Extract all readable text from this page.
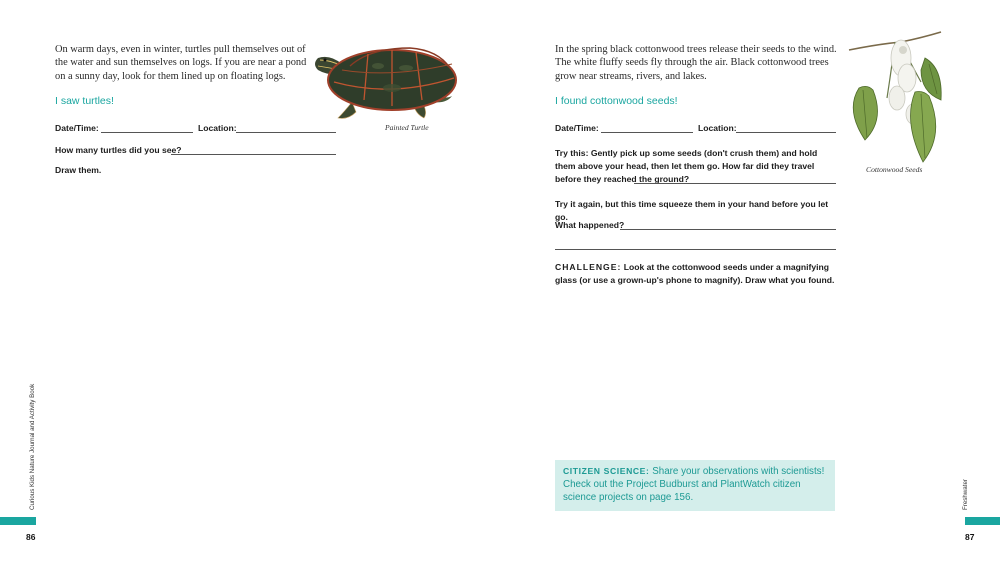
On warm days, even in winter, turtles pull themselves out of the water and sun themselves on logs. If you are near a pond on a sunny day, look for them lined up on floating logs.
Painted Turtle
I saw turtles!
Date/Time:	Location:
How many turtles did you see?
Draw them.
Curious Kids Nature Journal and Activity Book
86
In the spring black cottonwood trees release their seeds to the wind. The white fluffy seeds fly through the air. Black cottonwood trees grow near streams, rivers, and lakes.
Cottonwood Seeds
I found cottonwood seeds!
Date/Time:	Location:
Try this: Gently pick up some seeds (don't crush them) and hold them above your head, then let them go. How far did they travel before they reached the ground?
Try it again, but this time squeeze them in your hand before you let go.
What happened?
CHALLENGE: Look at the cottonwood seeds under a magnifying glass (or use a grown-up's phone to magnify). Draw what you found.
CITIZEN SCIENCE: Share your observations with scientists! Check out the Project Budburst and PlantWatch citizen science projects on page 156.	Freshwater
87
